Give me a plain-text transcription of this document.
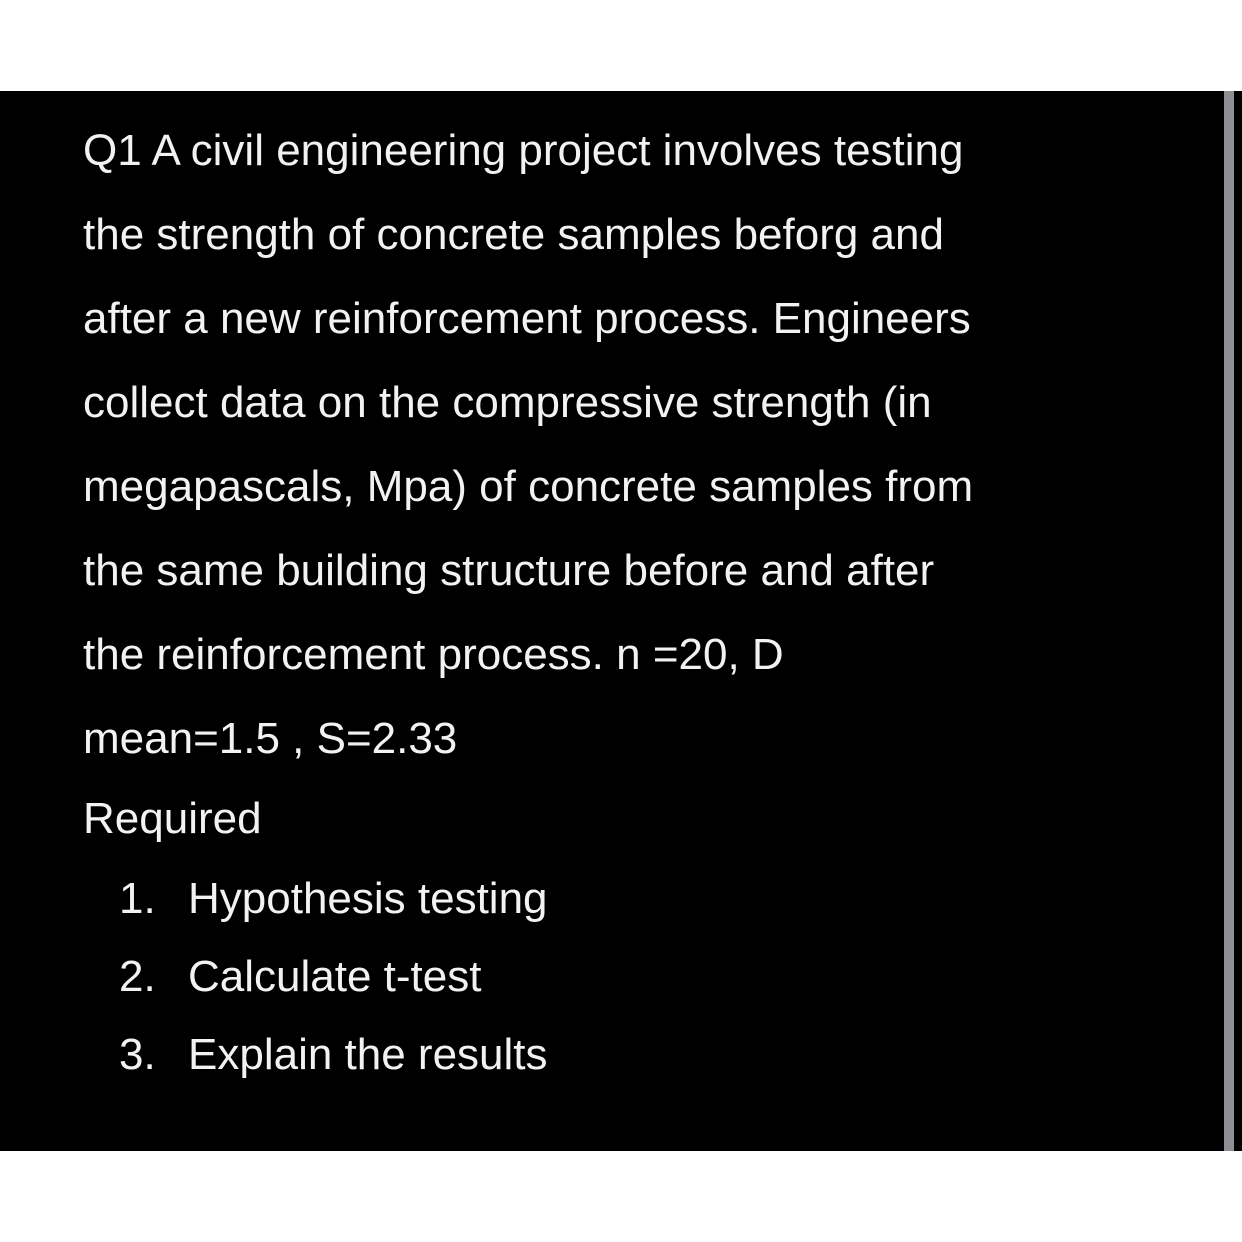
Q1 A civil engineering project involves testing
the strength of concrete samples beforg and
after a new reinforcement process. Engineers
collect data on the compressive strength (in
megapascals, Mpa) of concrete samples from
the same building structure before and after
the reinforcement process. n =20, D
mean=1.5 , S=2.33
Required
1. Hypothesis testing
2. Calculate t-test
3. Explain the results
